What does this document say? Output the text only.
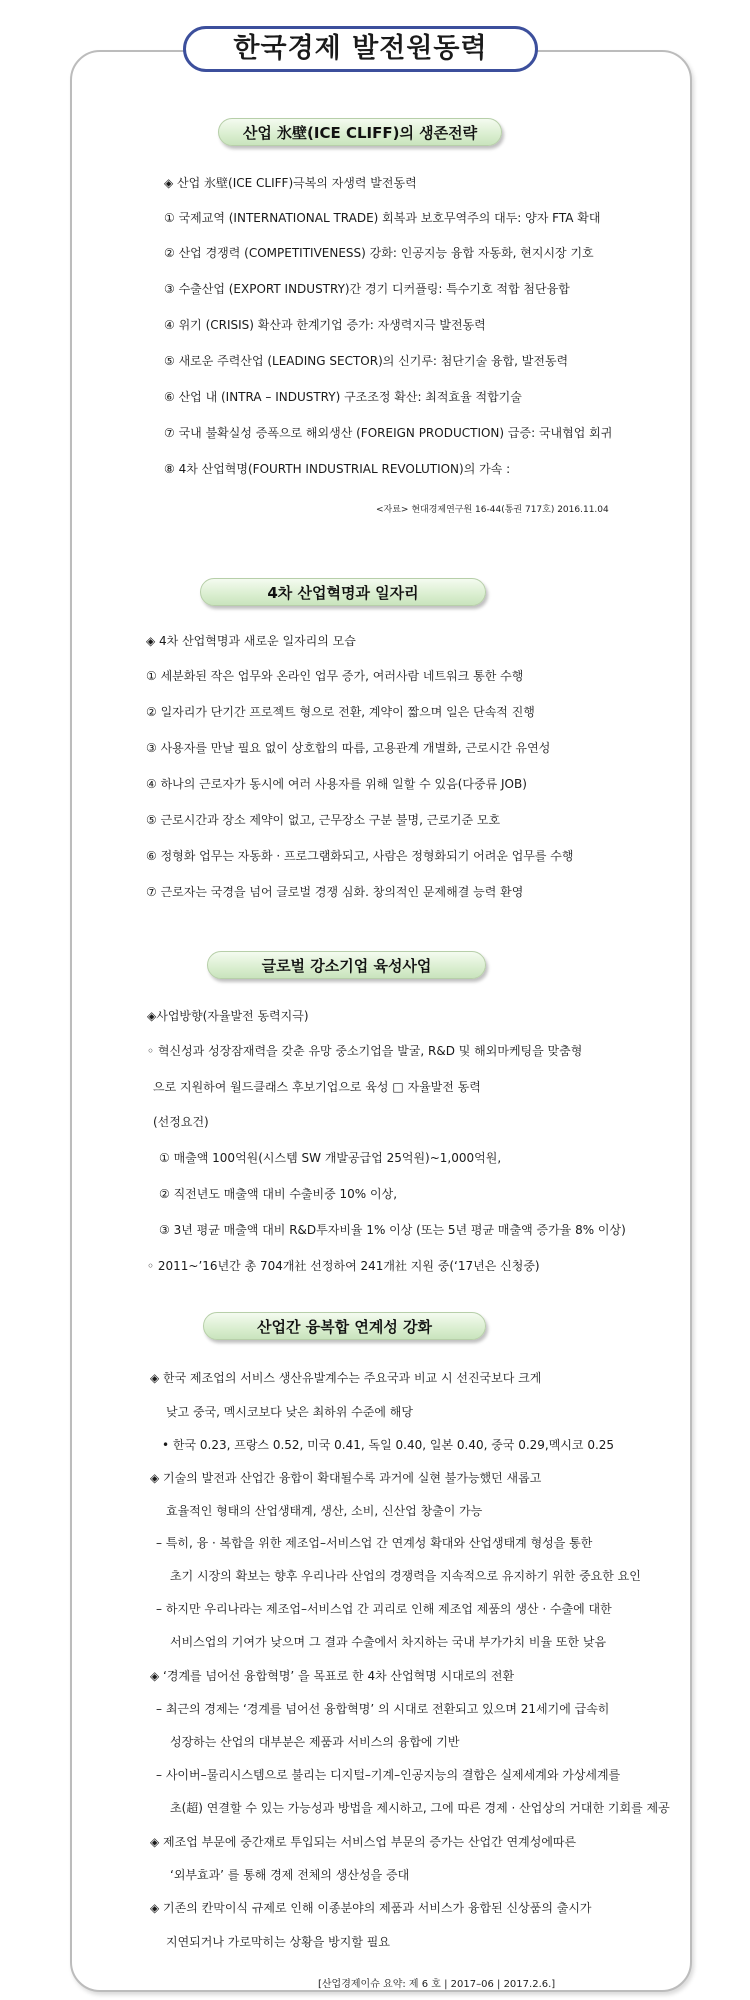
한국경제 발전원동력
산업 氷壁(ICE CLIFF)의 생존전략
◈ 산업 氷壁(ICE CLIFF)극복의 자생력 발전동력
① 국제교역 (INTERNATIONAL TRADE) 회복과 보호무역주의 대두: 양자 FTA 확대
② 산업 경쟁력 (COMPETITIVENESS) 강화: 인공지능 융합 자동화, 현지시장 기호
③ 수출산업 (EXPORT INDUSTRY)간 경기 디커플링: 특수기호 적합 첨단융합
④ 위기 (CRISIS) 확산과 한계기업 증가: 자생력지극 발전동력
⑤ 새로운 주력산업 (LEADING SECTOR)의 신기루: 첨단기술 융합, 발전동력
⑥ 산업 내 (INTRA – INDUSTRY) 구조조정 확산: 최적효율 적합기술
⑦ 국내 불확실성 증폭으로 해외생산 (FOREIGN PRODUCTION) 급증: 국내협업 회귀
⑧ 4차 산업혁명(FOURTH INDUSTRIAL REVOLUTION)의 가속 :
<자료> 현대경제연구원 16-44(통권 717호) 2016.11.04
4차 산업혁명과 일자리
◈ 4차 산업혁명과 새로운 일자리의 모습
① 세분화된 작은 업무와 온라인 업무 증가, 여러사람 네트워크 통한 수행
② 일자리가 단기간 프로젝트 형으로 전환, 계약이 짧으며 일은 단속적 진행
③ 사용자를 만날 필요 없이 상호합의 따름, 고용관계 개별화, 근로시간 유연성
④ 하나의 근로자가 동시에 여러 사용자를 위해 일할 수 있음(다중류 JOB)
⑤ 근로시간과 장소 제약이 없고, 근무장소 구분 불명, 근로기준 모호
⑥ 정형화 업무는 자동화 · 프로그램화되고, 사람은 정형화되기 어려운 업무를 수행
⑦ 근로자는 국경을 넘어 글로벌 경쟁 심화. 창의적인 문제해결 능력 환영
글로벌 강소기업 육성사업
◈사업방향(자율발전 동력지극)
◦ 혁신성과 성장잠재력을 갖춘 유망 중소기업을 발굴, R&D 및 해외마케팅을 맞춤형
으로 지원하여 월드클래스 후보기업으로 육성 □ 자율발전 동력
(선정요건)
① 매출액 100억원(시스템 SW 개발공급업 25억원)~1,000억원,
② 직전년도 매출액 대비 수출비중 10% 이상,
③ 3년 평균 매출액 대비 R&D투자비율 1% 이상 (또는 5년 평균 매출액 증가율 8% 이상)
◦ 2011~’16년간 총 704개社 선정하여 241개社 지원 중(‘17년은 신청중)
산업간 융복합 연계성 강화
◈ 한국 제조업의 서비스 생산유발계수는 주요국과 비교 시 선진국보다 크게
낮고 중국, 멕시코보다 낮은 최하위 수준에 해당
• 한국 0.23, 프랑스 0.52, 미국 0.41, 독일 0.40, 일본 0.40, 중국 0.29,멕시코 0.25
◈ 기술의 발전과 산업간 융합이 확대될수록 과거에 실현 불가능했던 새롭고
효율적인 형태의 산업생태계, 생산, 소비, 신산업 창출이 가능
– 특히, 융 · 복합을 위한 제조업–서비스업 간 연계성 확대와 산업생태계 형성을 통한
초기 시장의 확보는 향후 우리나라 산업의 경쟁력을 지속적으로 유지하기 위한 중요한 요인
– 하지만 우리나라는 제조업–서비스업 간 괴리로 인해 제조업 제품의 생산 · 수출에 대한
서비스업의 기여가 낮으며 그 결과 수출에서 차지하는 국내 부가가치 비율 또한 낮음
◈ ‘경계를 넘어선 융합혁명’ 을 목표로 한 4차 산업혁명 시대로의 전환
– 최근의 경제는 ‘경계를 넘어선 융합혁명’ 의 시대로 전환되고 있으며 21세기에 급속히
성장하는 산업의 대부분은 제품과 서비스의 융합에 기반
– 사이버–물리시스템으로 불리는 디지털–기계–인공지능의 결합은 실제세계와 가상세계를
초(超) 연결할 수 있는 가능성과 방법을 제시하고, 그에 따른 경제 · 산업상의 거대한 기회를 제공
◈ 제조업 부문에 중간재로 투입되는 서비스업 부문의 증가는 산업간 연계성에따른
‘외부효과’ 를 통해 경제 전체의 생산성을 증대
◈ 기존의 칸막이식 규제로 인해 이종분야의 제품과 서비스가 융합된 신상품의 출시가
지연되거나 가로막히는 상황을 방지할 필요
[산업경제이슈 요약: 제 6 호 | 2017–06 | 2017.2.6.]
